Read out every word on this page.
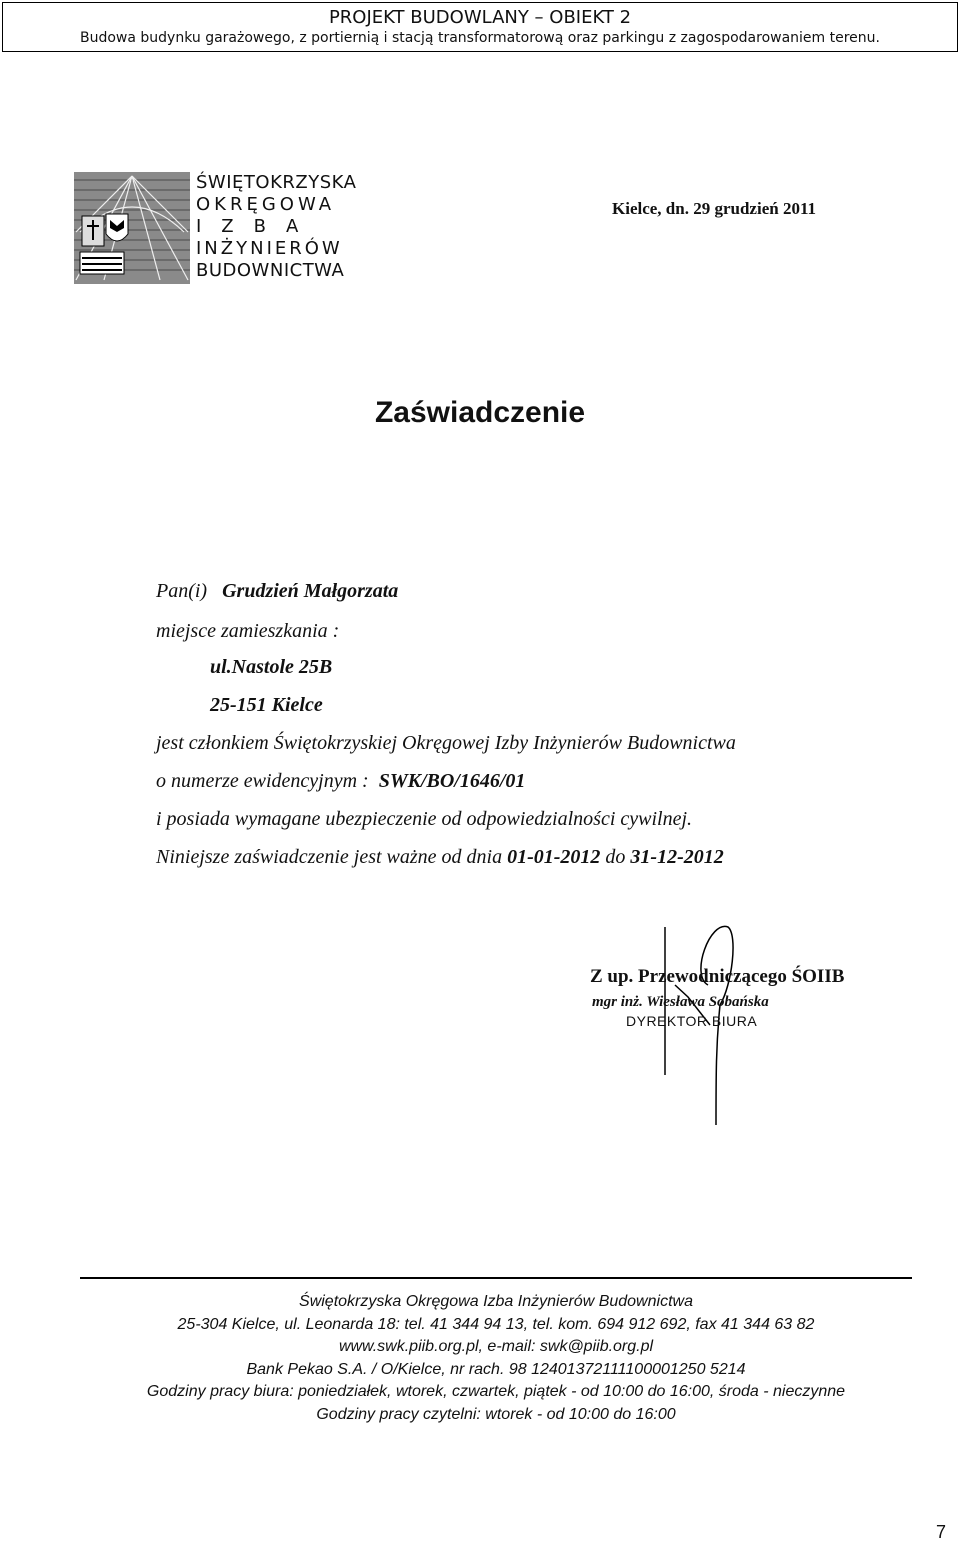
PROJEKT BUDOWLANY – OBIEKT 2
Budowa budynku garażowego, z portiernią i stacją transformatorową oraz parkingu z zagospodarowaniem terenu.
ŚWIĘTOKRZYSKA
OKRĘGOWA
IZBA
INŻYNIERÓW
BUDOWNICTWA
Kielce, dn. 29 grudzień 2011
Zaświadczenie
Pan(i) Grudzień Małgorzata
miejsce zamieszkania :
ul.Nastole 25B
25-151 Kielce
jest członkiem Świętokrzyskiej Okręgowej Izby Inżynierów Budownictwa
o numerze ewidencyjnym : SWK/BO/1646/01
i posiada wymagane ubezpieczenie od odpowiedzialności cywilnej.
Niniejsze zaświadczenie jest ważne od dnia 01-01-2012 do 31-12-2012
Z up. Przewodniczącego ŚOIIB
mgr inż. Wiesława Sobańska
DYREKTOR BIURA
Świętokrzyska Okręgowa Izba Inżynierów Budownictwa
25-304 Kielce, ul. Leonarda 18: tel. 41 344 94 13, tel. kom. 694 912 692, fax 41 344 63 82
www.swk.piib.org.pl, e-mail: swk@piib.org.pl
Bank Pekao S.A. / O/Kielce, nr rach. 98 12401372111100001250 5214
Godziny pracy biura: poniedziałek, wtorek, czwartek, piątek - od 10:00 do 16:00, środa - nieczynne
Godziny pracy czytelni: wtorek - od 10:00 do 16:00
7
